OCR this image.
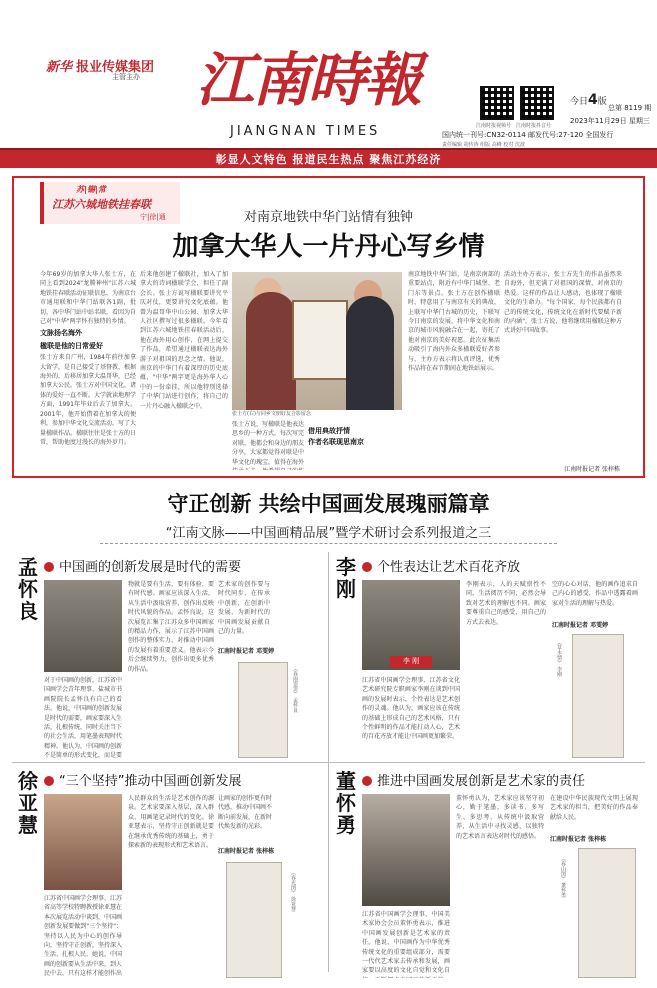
新华 报业传媒集团
主管主办 江南時報
JIANGNAN TIMES	江南时报视频号 江南时报抖音号
今日4版
总第 8119 期
2023年11月29日 星期三
国内统一刊号:CN32-0114 邮发代号:27-120 全国发行
责任编辑 胡传涛 组版 高峰 校对 沈波
彰显人文特色 报道民生热点 聚焦江苏经济
苏|锡|常
江苏六城地铁挂春联
宁|徐|通	对南京地铁中华门站情有独钟
加拿大华人一片丹心写乡情

今年69岁的加拿大华人张士方，在同上看到2024"龙腾神州"江苏六城地铁挂春联活动征联信息，为南京台市通用联和中华门站联各1副，批切，各中华门站中站名联，看因为自己对"中华"两字怀有独特的乡情。

文脉扬名海外
楹联是他的日常爱好

张士方来自广州，1984年前往加拿大留学，是自己接受了基督教、根据海外的，后移居加拿大温哥华，已经加拿大公民。张士方对中国文化，诸体的爱好一直不断。大学就读地理学方面，1991年毕业后去了加拿大。2001年，他开始借着在加拿大的便利，参加中华文化交流活动，写了大量楹联作品。楹联往往是张士方的日常，帮助他度过漫长的海外岁月。

后来他创建了楹联社，加入了加拿大的诗词楹联学会，担任了副会长。张士方说写楹联要讲究平仄对仗，更要讲究文化底蕴。他曾为温哥华中山公园、加拿大华人社区撰写过很多楹联。今年看到江苏六城地铁挂春联活动后，他在海外用心创作，在网上提交了作品，希望通过楹联表达海外游子对祖国的思念之情。他说，南京的中华门有着深厚的历史底蕴，"中华"两字更是海外华人心中的一份牵挂，所以他特别选择了中华门站进行创作，将自己的一片丹心融入楹联之中。

张士方(右)与同乡文朋好友合影留念

张士方说，写楹联是他表达思乡的一种方式。每次写完对联，他都会和身边的朋友分享，大家都觉得对联是中华文化的瑰宝，值得在海外

借用典故抒情
作者名联现思南京

南京地铁中华门站，是南京南部的重要站点，附近有中华门城堡、老门东等景点。张士方在创作楹联时，特意用了与南京有关的典故，上联写中华门古城的历史，下联写今日南京的发展，将中华文化和南京的城市风貌融合在一起，寄托了他对南京的美好祝愿。此次征集活动吸引了海内外众多楹联爱好者参与，主办方表示将认真评选，优秀作品将在春节期间在地铁站展示。

活动主办方表示，张士方先生的作品虽然来自海外，但充满了对祖国的深情，对南京的热爱。这样的作品让人感动，也体现了楹联文化的生命力。"每个国家、每个民族都有自己的传统文化，传统文化在新时代要赋予新的内涵"，张士方说，他将继续用楹联这种方式讲好中国故事。

江南时报记者 张梓栋
守正创新 共绘中国画发展瑰丽篇章
“江南文脉——中国画精品展”暨学术研讨会系列报道之三
孟怀良
中国画的创新发展是时代的需要

对于中国画的创新，江苏省中国画学会青年理事、盐城市书画院院长孟怀良有自己的看法。他说，中国画的创新发展是时代的需要，画家要深入生活，扎根传统，同时关注当下的社会生活，用笔墨表现时代精神。他认为，中国画的创新不是简单的形式变化，而是要

物就是要有生活，要有体验，要有时代感。画家应该深入生活，从生活中汲取营养，创作出反映时代风貌的作品。孟怀良说，这次展览汇集了江苏众多中国画家的精品力作，展示了江苏中国画创作的整体实力，对推动中国画的发展有着重要意义。他表示今后会继续努力，创作出更多优秀的作品。

艺术家的创作要与时代同步，在传承中创新，在创新中发展，为新时代的中国画发展贡献自己的力量。

江南时报记者 邓雯婷
《春雨霏霏》 孟怀良
李刚
个性表达让艺术百花齐放
李 刚

江苏省中国画学会理事、江苏省文化艺术研究院专职画家李刚在谈到中国画的发展时表示，个性表达是艺术创作的灵魂。他认为，画家应该在传统的基础上形成自己的艺术风格，只有个性鲜明的作品才能打动人心，艺术的百花齐放才能让中国画更加繁荣。

李刚表示，人的天赋禀性不同，生活阅历不同，必然会导致对艺术的理解也不同。画家要尊重自己的感受，用自己的方式去表达。

空的心心对话，他的画作追求自己内心的感受，作品中透露着画家对生活的理解与热爱。

江南时报记者 邓雯婷
《草木情》 李刚
徐亚慧
“三个坚持”推动中国画创新发展

江苏省中国画学会理事、江苏省高等学校特聘教授徐亚慧在本次展览活动中谈到，中国画创新发展要做到"三个坚持"：坚持以人民为中心的创作导向，坚持守正创新，坚持深入生活、扎根人民。她说，中国画的创新要从生活中来，到人民中去，只有这样才能创作出

人民群众的生活是艺术创作的源泉。艺术家要深入基层，深入群众，用画笔记录时代的变化。徐亚慧表示，坚持守正创新就是要在继承优秀传统的基础上，勇于探索新的表现形式和艺术语言。

让画家的创作更有时代感，推动中国画不断向前发展，在新时代焕发新的光彩。

江南时报记者 张梓栋
《春光图》 徐亚慧
董怀勇
推进中国画发展创新是艺术家的责任

江苏省中国画学会理事、中国美术家协会会员董怀勇表示，推进中国画发展创新是艺术家的责任。他说，中国画作为中华优秀传统文化的重要组成部分，需要一代代艺术家去传承和发展，画家要以高度的文化自觉和文化自

董怀勇认为，艺术家应该坚守初心，勤于笔墨，多读书、多写生、多思考，从传统中汲取营养，从生活中寻找灵感，以独特的艺术语言表达对时代的感悟。

在建设中华民族现代文明上展现艺术家的担当，把美好的作品奉献给人民。

江南时报记者 张梓栋
《春山图》 董怀勇
